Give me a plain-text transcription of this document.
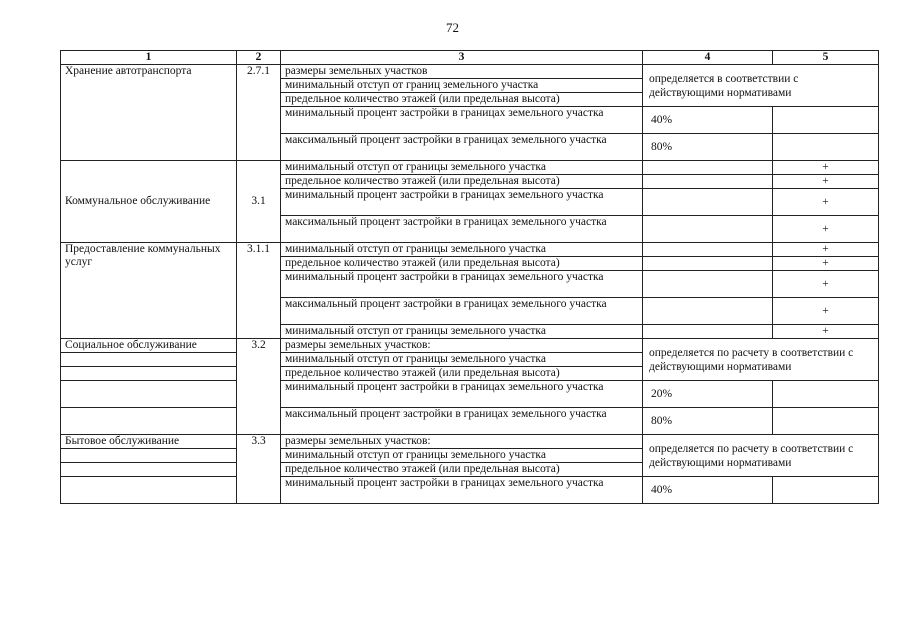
72
1	2	3	4	5
Хранение автотранспорта	2.7.1	размеры земельных участков	определяется в соответствии с действующими нормативами	
		минимальный отступ от границ земельного участка		
		предельное количество этажей (или предельная высота)		
		минимальный процент застройки в границах земельного участка	40%	
		максимальный процент застройки в границах земельного участка	80%	
Коммунальное обслуживание	3.1	минимальный отступ от границы земельного участка		+
		предельное количество этажей (или предельная высота)		+
		минимальный процент застройки в границах земельного участка		+
		максимальный процент застройки в границах земельного участка		+
Предоставление коммунальных услуг	3.1.1	минимальный отступ от границы земельного участка		+
		предельное количество этажей (или предельная высота)		+
		минимальный процент застройки в границах земельного участка		+
		максимальный процент застройки в границах земельного участка		+
		минимальный отступ от границы земельного участка		+
Социальное обслуживание	3.2	размеры земельных участков:	определяется по расчету в соответствии с действующими нормативами	
		минимальный отступ от границы земельного участка		
		предельное количество этажей (или предельная высота)		
		минимальный процент застройки в границах земельного участка	20%	
		максимальный процент застройки в границах земельного участка	80%	
Бытовое обслуживание	3.3	размеры земельных участков:	определяется по расчету в соответствии с действующими нормативами	
		минимальный отступ от границы земельного участка		
		предельное количество этажей (или предельная высота)		
		минимальный процент застройки в границах земельного участка	40%	
